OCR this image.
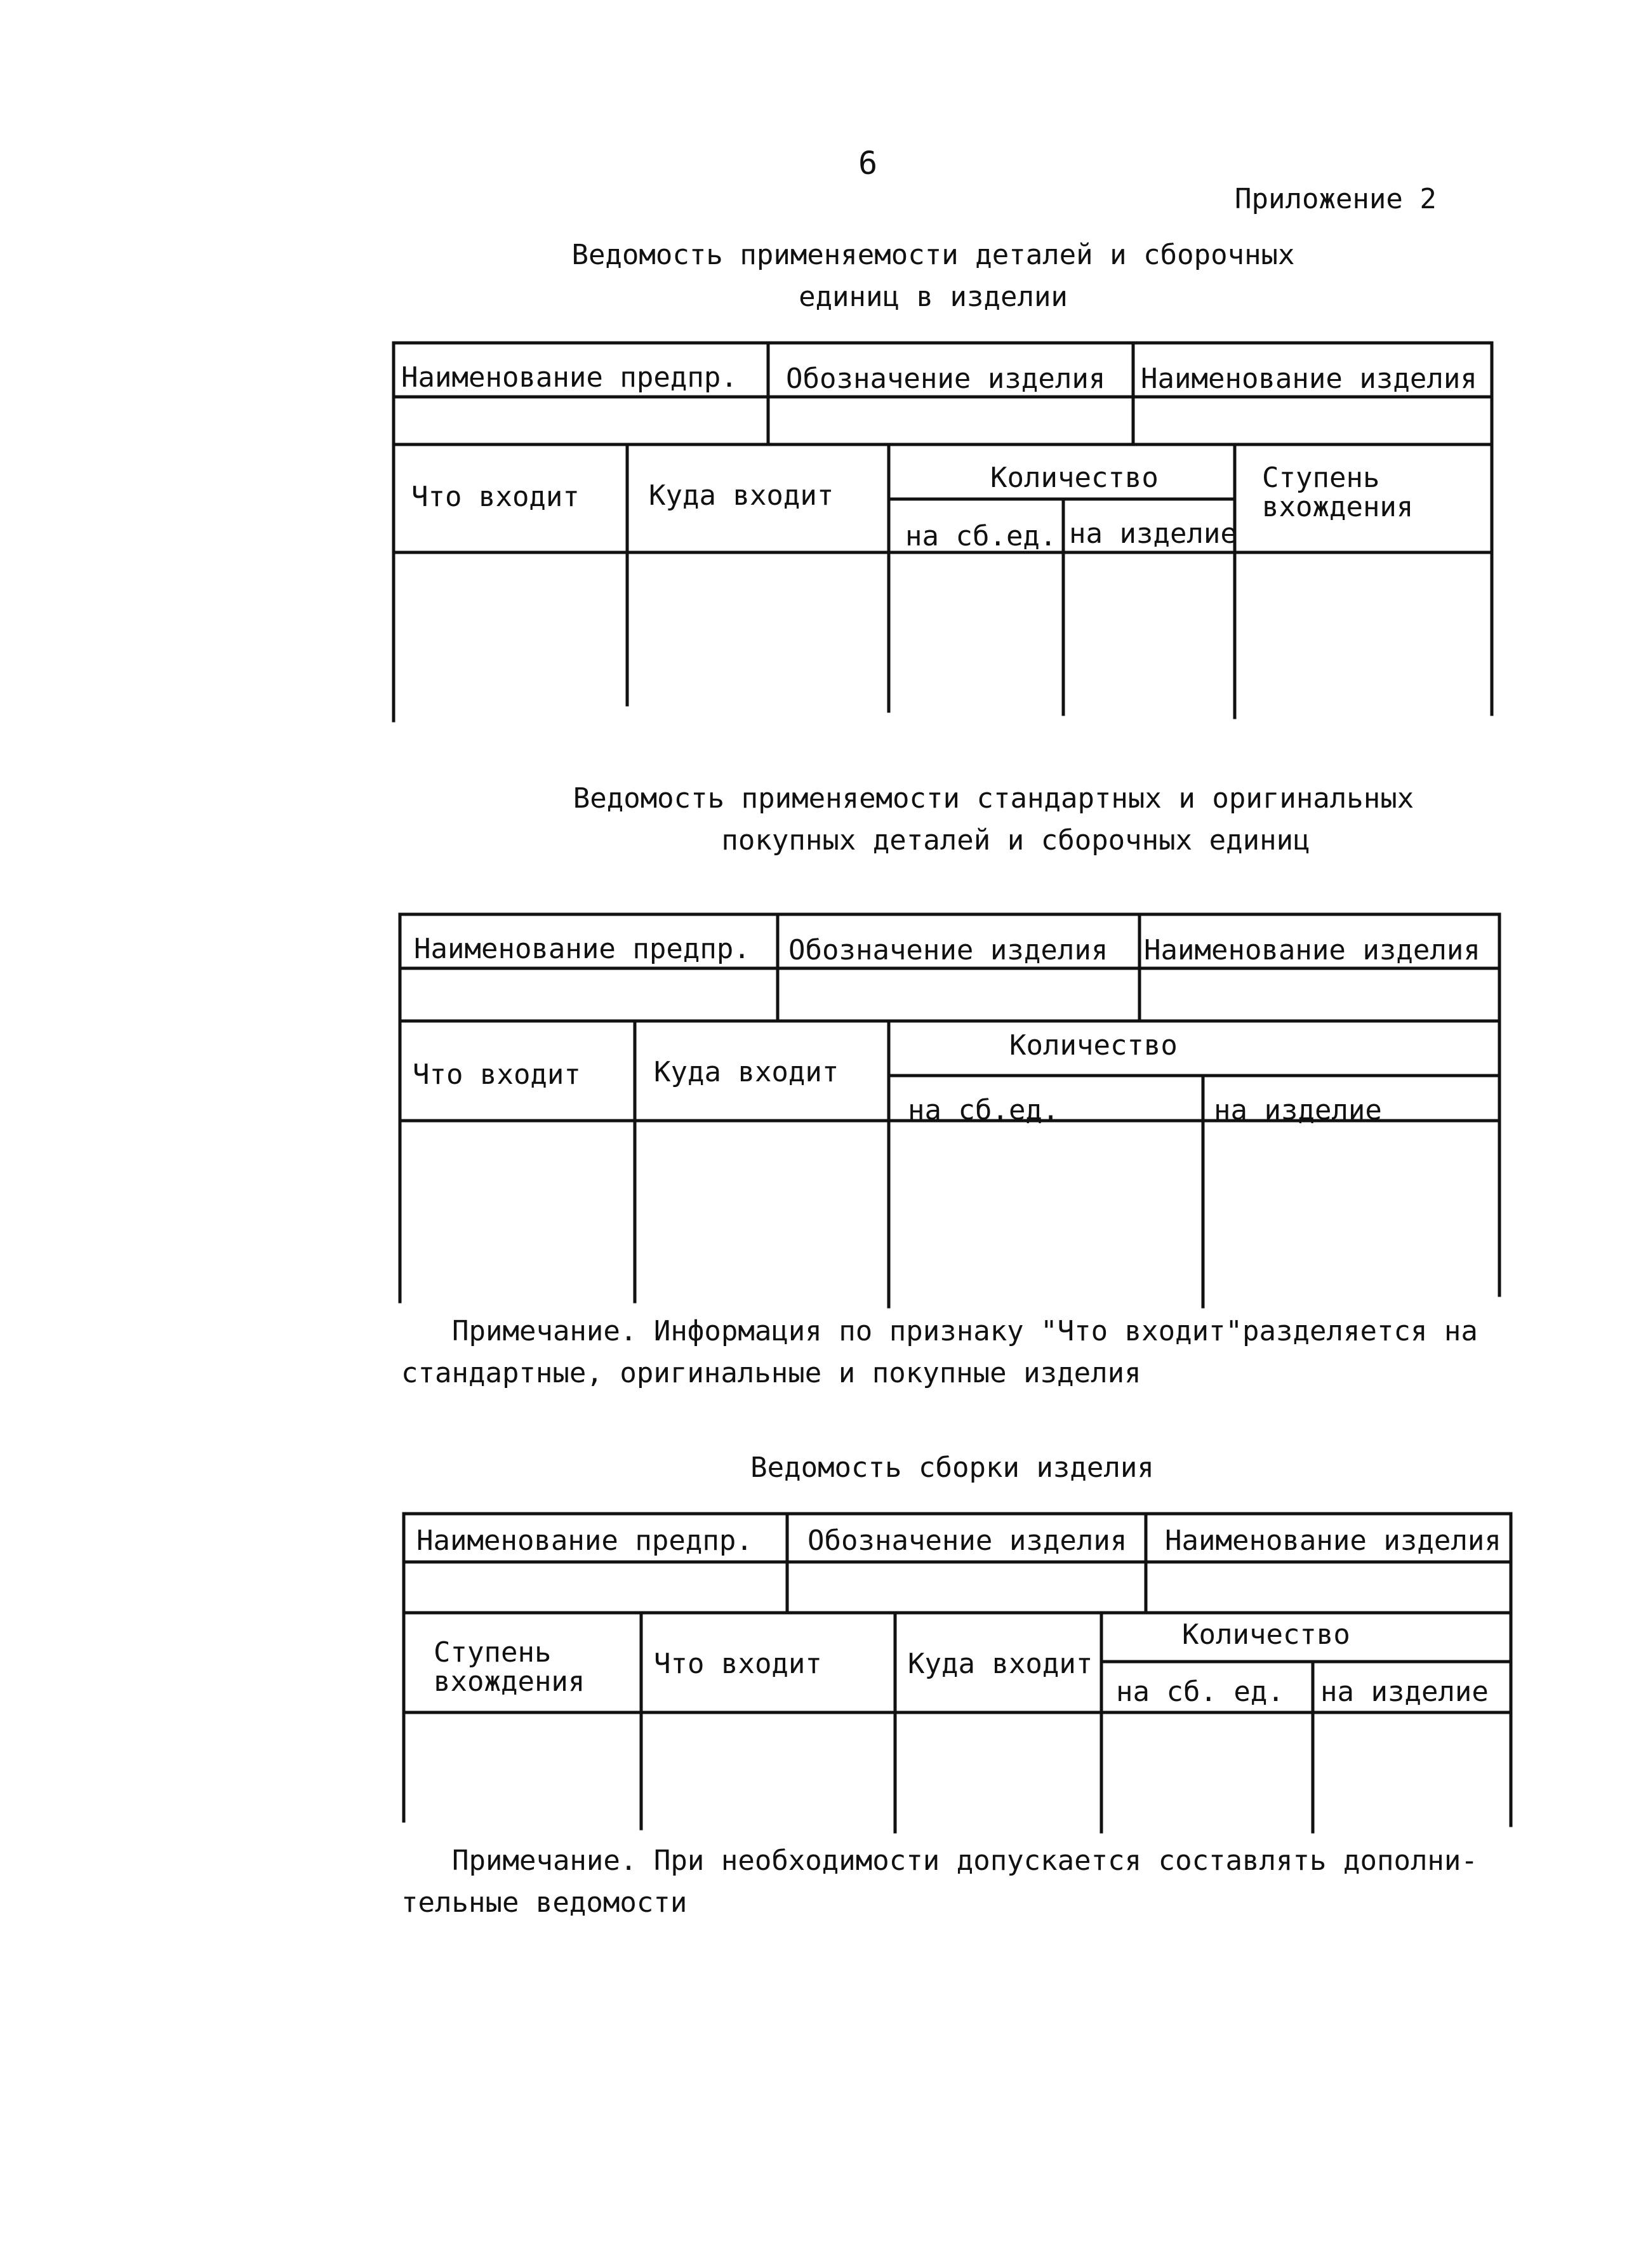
6
Приложение 2
Ведомость применяемости деталей и сборочных
единиц в изделии
Наименование предпр. Обозначение изделия Наименование изделия
Что входит Куда входит
Количество
на сб.ед. на изделие
Ступень
вхождения
Ведомость применяемости стандартных и оригинальных
покупных деталей и сборочных единиц
Наименование предпр. Обозначение изделия Наименование изделия
Что входит	Куда входит
Количество
на сб.ед.	на изделие
Примечание. Информация по признаку "Что входит"разделяется на
стандартные, оригинальные и покупные изделия
Ведомость сборки изделия
Наименование предпр. Обозначение изделия Наименование изделия
Ступень
вхождения
Что входит	Куда входит
Количество
на сб. ед. на изделие
Примечание. При необходимости допускается составлять дополни-
тельные ведомости
